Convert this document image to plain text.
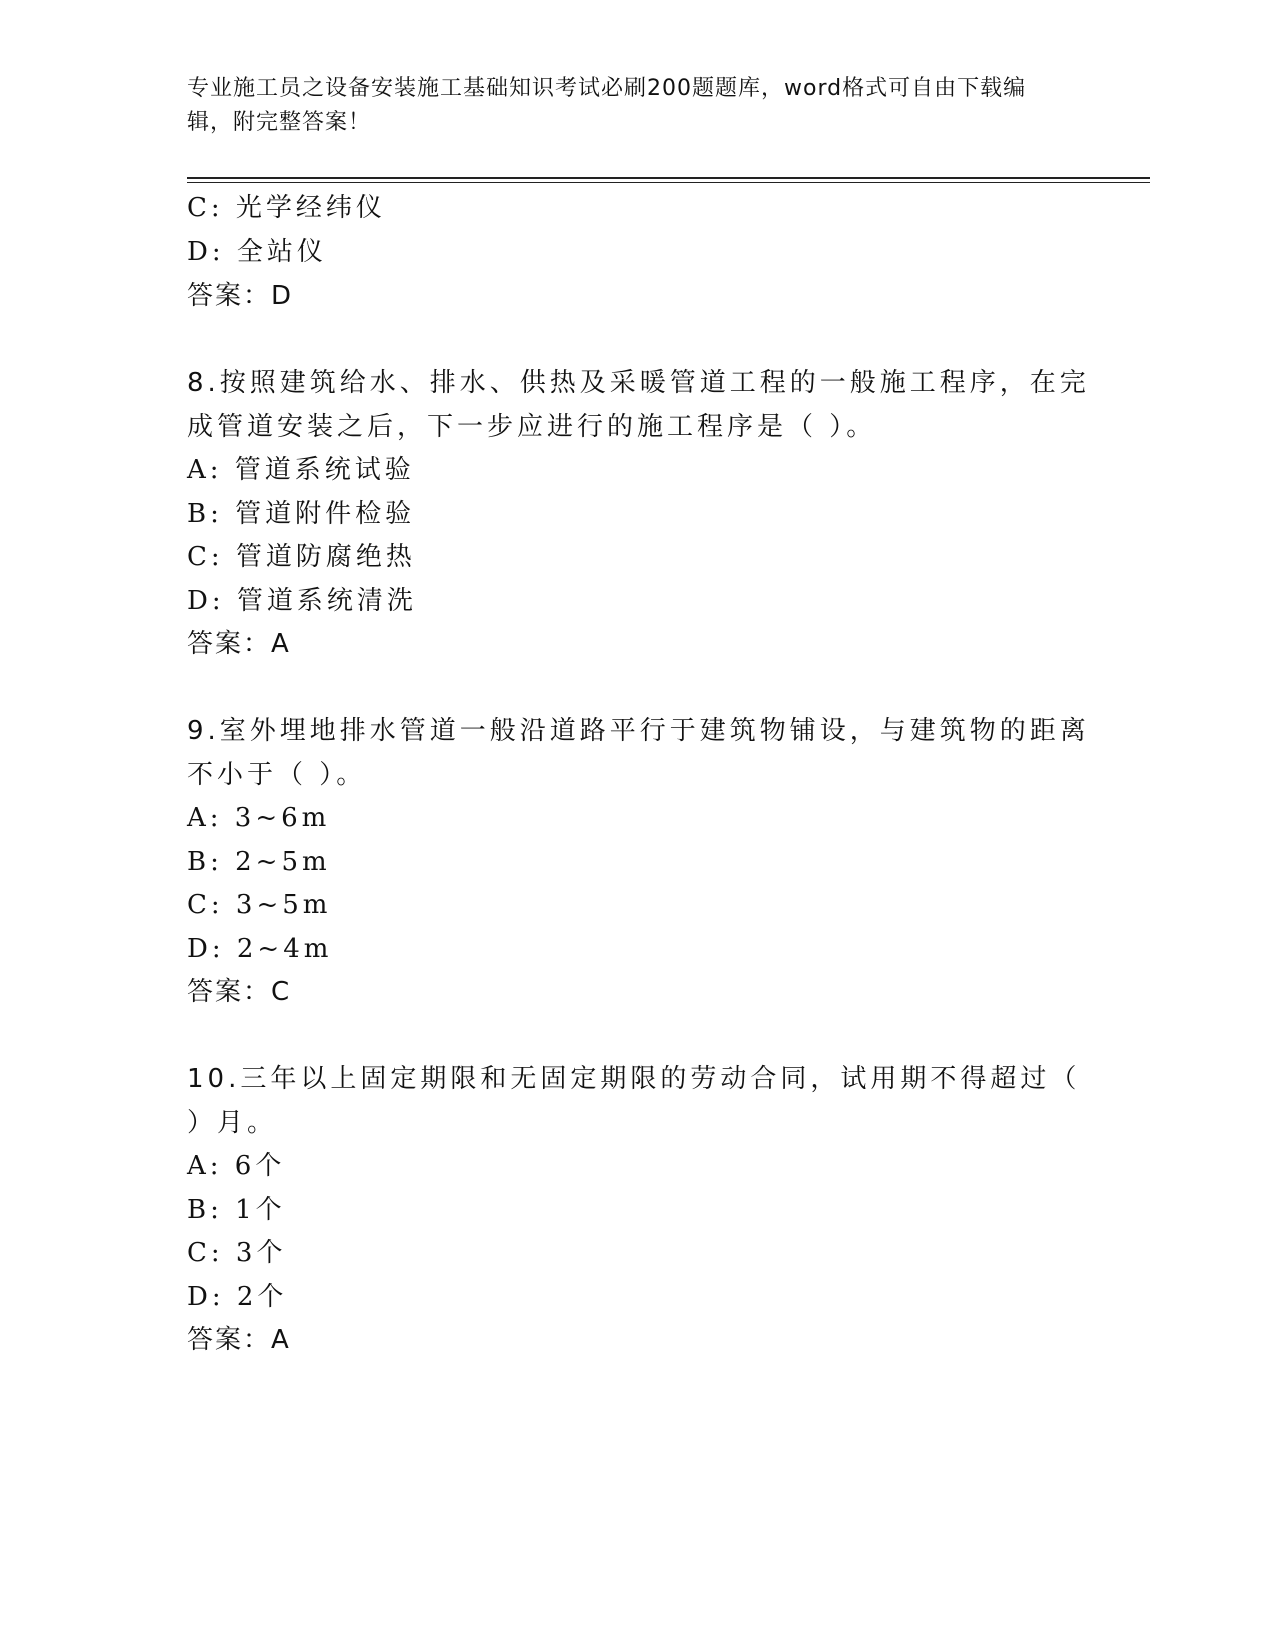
专业施工员之设备安装施工基础知识考试必刷200题题库，word格式可自由下载编辑，附完整答案！
C: 光学经纬仪
D: 全站仪
答案：D
8.按照建筑给水、排水、供热及采暖管道工程的一般施工程序，在完
成管道安装之后，下一步应进行的施工程序是（ ）。
A: 管道系统试验
B: 管道附件检验
C: 管道防腐绝热
D: 管道系统清洗
答案：A
9.室外埋地排水管道一般沿道路平行于建筑物铺设，与建筑物的距离
不小于（ ）。
A: 3~6m
B: 2~5m
C: 3~5m
D: 2~4m
答案：C
10.三年以上固定期限和无固定期限的劳动合同，试用期不得超过（
）月。
A: 6个
B: 1个
C: 3个
D: 2个
答案：A
